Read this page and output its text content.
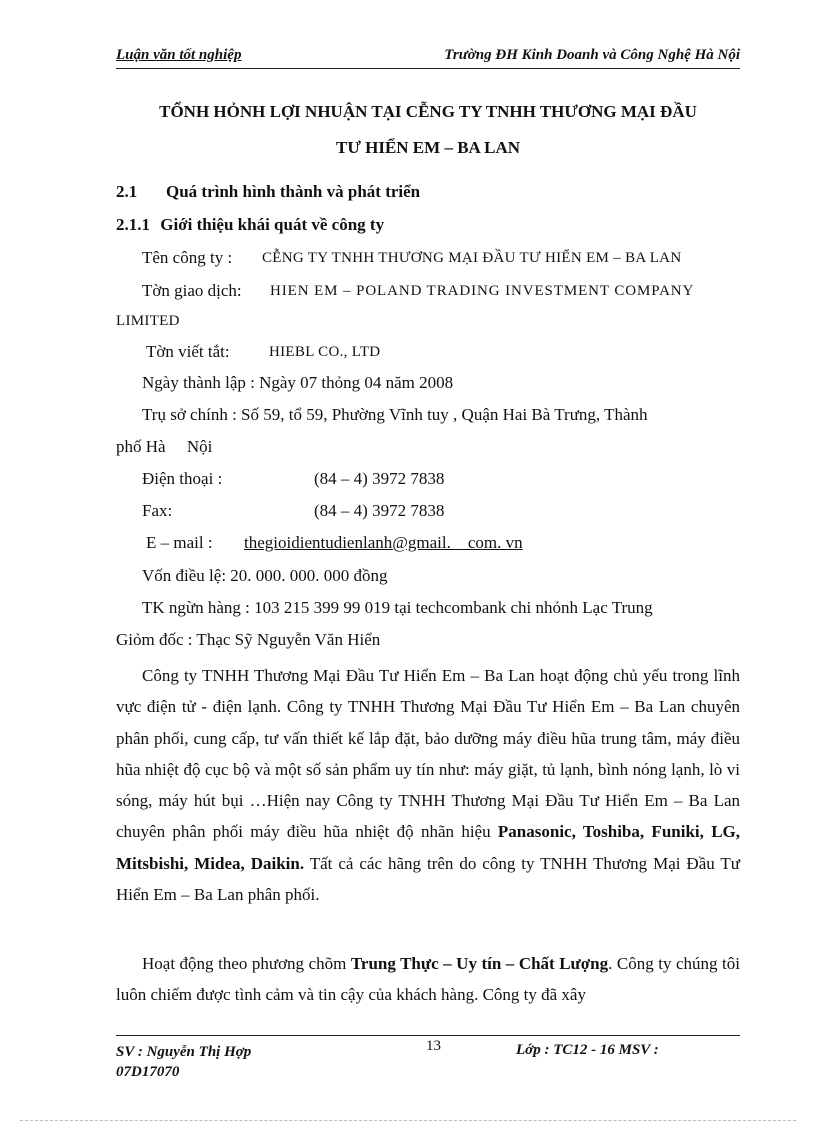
Luận văn tốt nghiệp	Trường ĐH Kinh Doanh và Công Nghệ Hà Nội
TỔNH HỎNH LỢI NHUẬN TẠI CỄNG TY TNHH THƯƠNG MẠI ĐẦU
TƯ HIỂN EM – BA LAN
2.1 Quá trình hình thành và phát triển
2.1.1 Giới thiệu khái quát về công ty
Tên công ty : CỄNG TY TNHH THƯƠNG MẠI ĐẦU TƯ HIỂN EM – BA LAN
Tờn giao dịch: HIEN EM – POLAND TRADING INVESTMENT COMPANY
LIMITED
Tờn viết tắt:	HIEBL CO., LTD
Ngày thành lập : Ngày 07 thỏng 04 năm 2008
Trụ sở chính : Số 59, tổ 59, Phường Vĩnh tuy , Quận Hai Bà Trưng, Thành
phố Hà     Nội
Điện thoại :	(84 – 4) 3972 7838
Fax:	(84 – 4) 3972 7838
E – mail : thegioidientudienlanh@gmail.    com. vn
Vốn điều lệ: 20. 000. 000. 000 đồng
TK ngừn hàng : 103 215 399 99 019 tại techcombank chi nhỏnh Lạc Trung
Giỏm đốc : Thạc Sỹ Nguyễn Văn Hiển
Công ty TNHH Thương Mại Đầu Tư Hiển Em – Ba Lan hoạt động chủ yếu trong lĩnh vực điện tử - điện lạnh. Công ty TNHH Thương Mại Đầu Tư Hiển Em – Ba Lan chuyên phân phối, cung cấp, tư vấn thiết kế lắp đặt, bảo dưỡng máy điều hũa trung tâm, máy điều hũa nhiệt độ cục bộ và một số sản phẩm uy tín như: máy giặt, tủ lạnh, bình nóng lạnh, lò vi sóng, máy hút bụi …Hiện nay Công ty TNHH Thương Mại Đầu Tư Hiển Em – Ba Lan chuyên phân phối máy điều hũa nhiệt độ nhãn hiệu Panasonic, Toshiba, Funiki, LG, Mitsbishi, Midea, Daikin. Tất cả các hãng trên do công ty TNHH Thương Mại Đầu Tư Hiển Em – Ba Lan phân phối.
Hoạt động theo phương chõm Trung Thực – Uy tín – Chất Lượng. Công ty chúng tôi luôn chiếm được tình cảm và tin cậy của khách hàng. Công ty đã xây
SV : Nguyễn Thị Hợp 07D17070
13	Lớp : TC12 - 16 MSV :
